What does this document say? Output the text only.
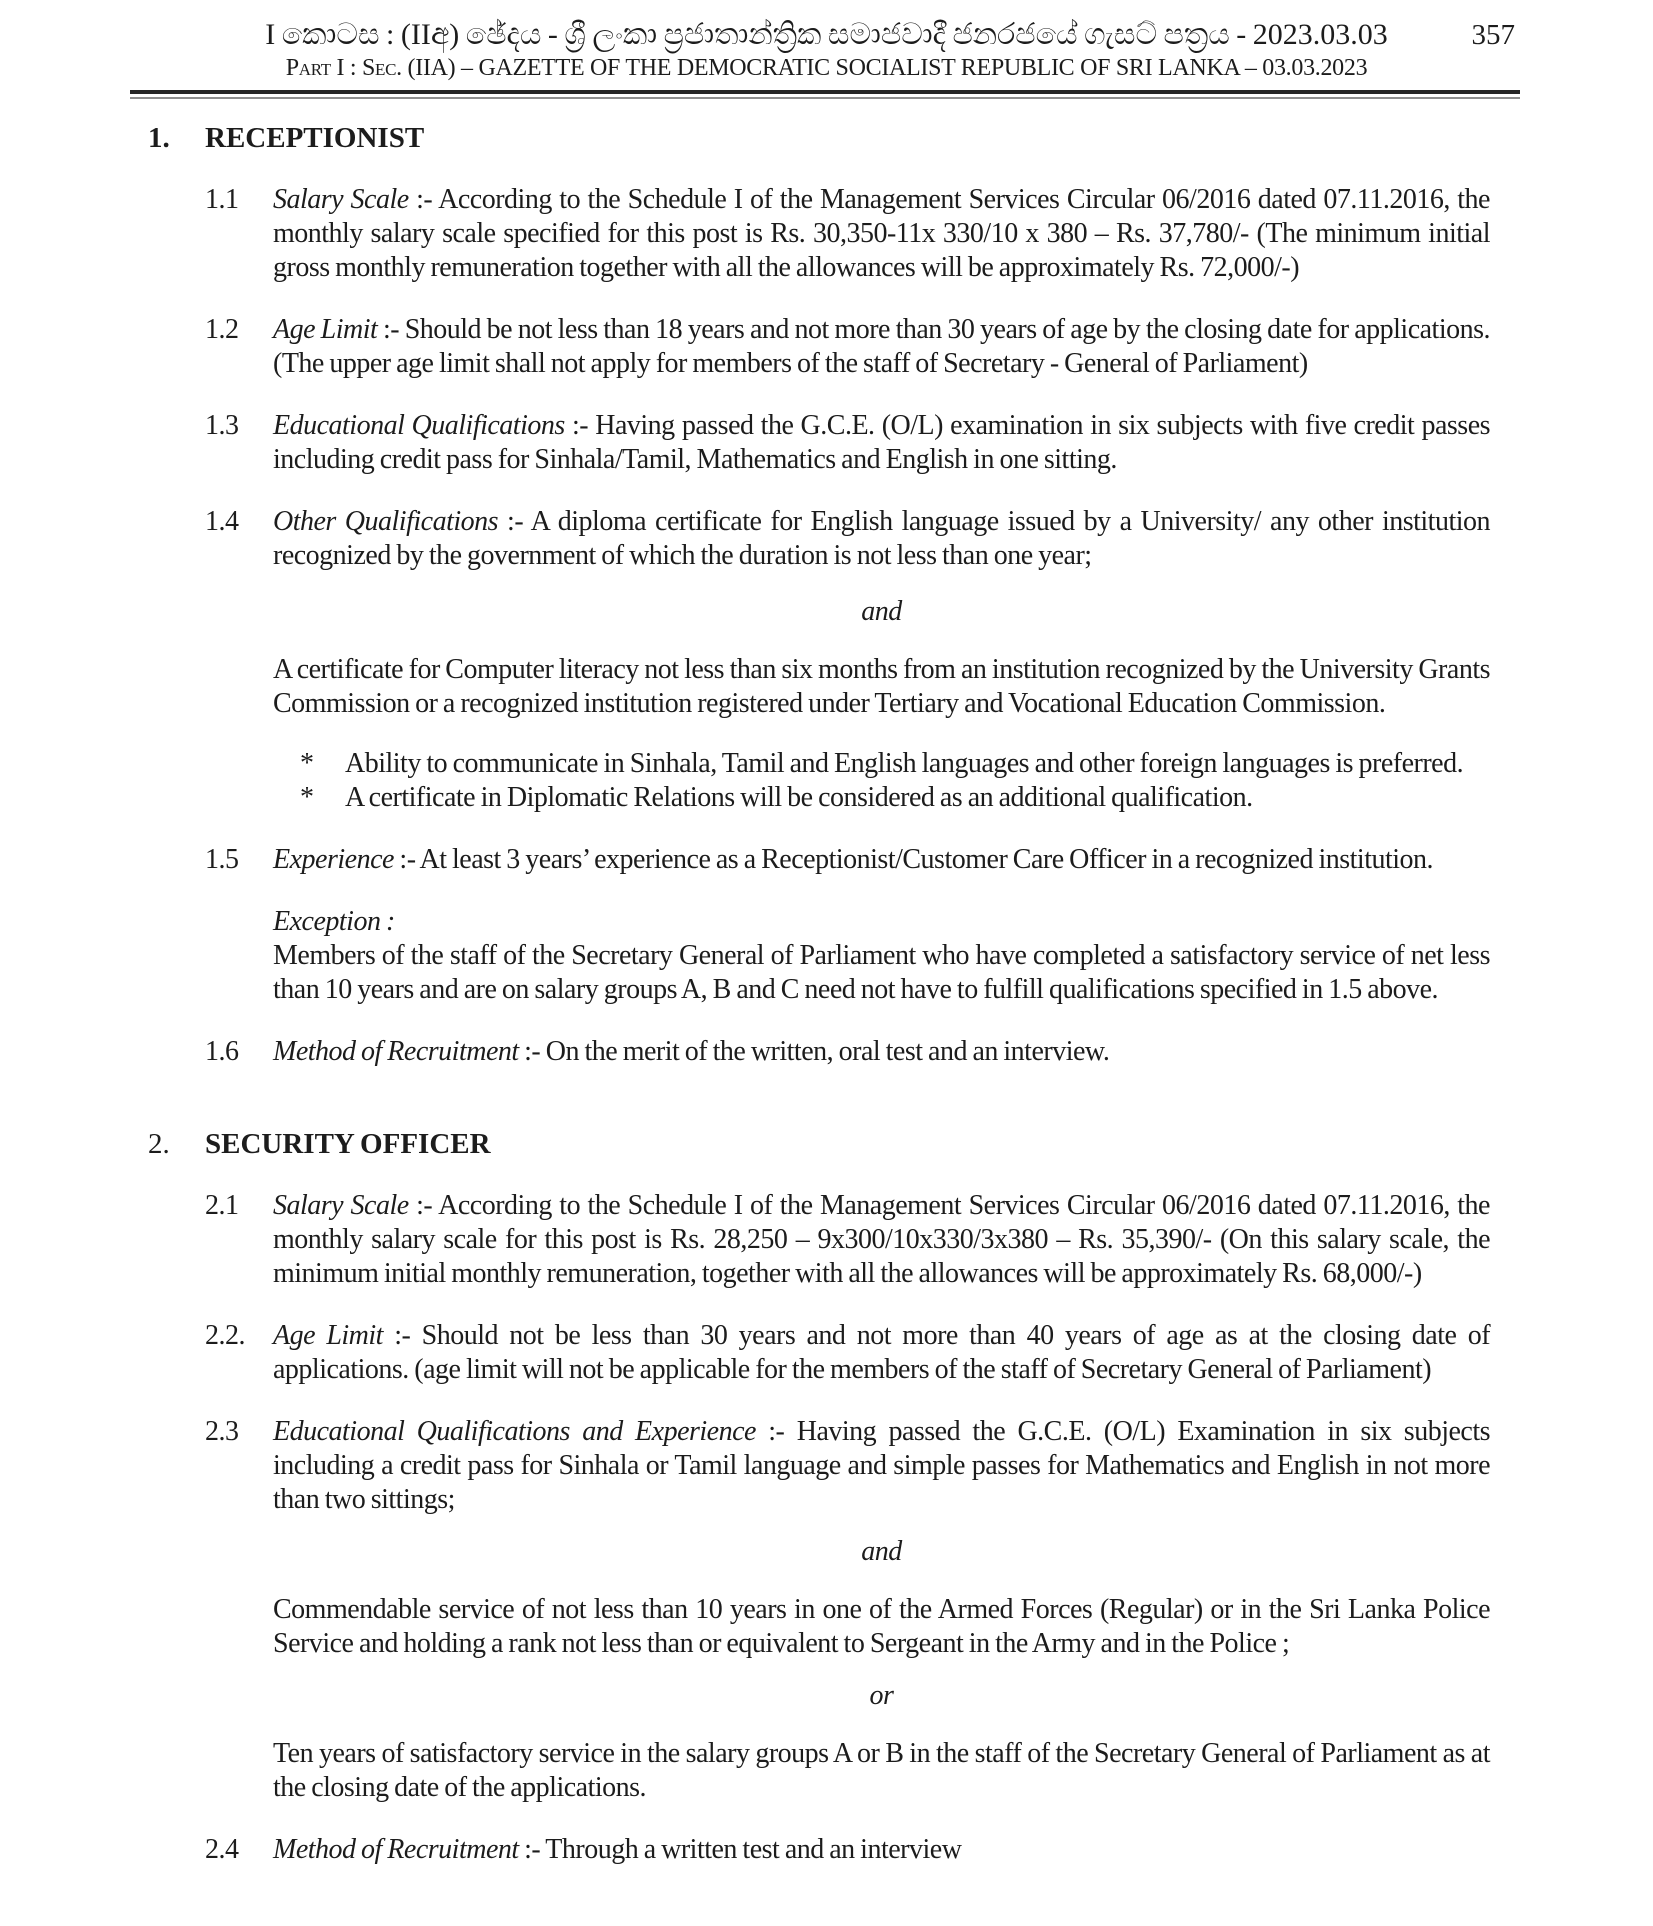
357
I කොටස : (IIඅ) ඡේදය - ශ්‍රී ලංකා ප්‍රජාතාන්ත්‍රික සමාජවාදී ජනරජයේ ගැසට් පත්‍රය - 2023.03.03
Part I : Sec. (IIA) – GAZETTE OF THE DEMOCRATIC SOCIALIST REPUBLIC OF SRI LANKA – 03.03.2023
1.	RECEPTIONIST
1.1	Salary Scale :- According to the Schedule I of the Management Services Circular 06/2016 dated 07.11.2016, the monthly salary scale specified for this post is Rs. 30,350-11x 330/10 x 380 – Rs. 37,780/- (The minimum initial gross monthly remuneration together with all the allowances will be approximately Rs. 72,000/-)
1.2	Age Limit :- Should be not less than 18 years and not more than 30 years of age by the closing date for applications. (The upper age limit shall not apply for members of the staff of Secretary - General of Parliament)
1.3	Educational Qualifications :- Having passed the G.C.E. (O/L) examination in six subjects with five credit passes including credit pass for Sinhala/Tamil, Mathematics and English in one sitting.
1.4	Other Qualifications :- A diploma certificate for English language issued by a University/ any other institution recognized by the government of which the duration is not less than one year;
and
A certificate for Computer literacy not less than six months from an institution recognized by the University Grants Commission or a recognized institution registered under Tertiary and Vocational Education Commission.
*	Ability to communicate in Sinhala, Tamil and English languages and other foreign languages is preferred.
*	A certificate in Diplomatic Relations will be considered as an additional qualification.
1.5	Experience :- At least 3 years’ experience as a Receptionist/Customer Care Officer in a recognized institution.
Exception :
Members of the staff of the Secretary General of Parliament who have completed a satisfactory service of net less than 10 years and are on salary groups A, B and C need not have to fulfill qualifications specified in 1.5 above.
1.6	Method of Recruitment :- On the merit of the written, oral test and an interview.
2.	SECURITY OFFICER
2.1	Salary Scale :- According to the Schedule I of the Management Services Circular 06/2016 dated 07.11.2016, the monthly salary scale for this post is Rs. 28,250 – 9x300/10x330/3x380 – Rs. 35,390/- (On this salary scale, the minimum initial monthly remuneration, together with all the allowances will be approximately Rs. 68,000/-)
2.2.	Age Limit :- Should not be less than 30 years and not more than 40 years of age as at the closing date of applications. (age limit will not be applicable for the members of the staff of Secretary General of Parliament)
2.3	Educational Qualifications and Experience :- Having passed the G.C.E. (O/L) Examination in six subjects including a credit pass for Sinhala or Tamil language and simple passes for Mathematics and English in not more than two sittings;
and
Commendable service of not less than 10 years in one of the Armed Forces (Regular) or in the Sri Lanka Police Service and holding a rank not less than or equivalent to Sergeant in the Army and in the Police ;
or
Ten years of satisfactory service in the salary groups A or B in the staff of the Secretary General of Parliament as at the closing date of the applications.
2.4	Method of Recruitment :- Through a written test and an interview
